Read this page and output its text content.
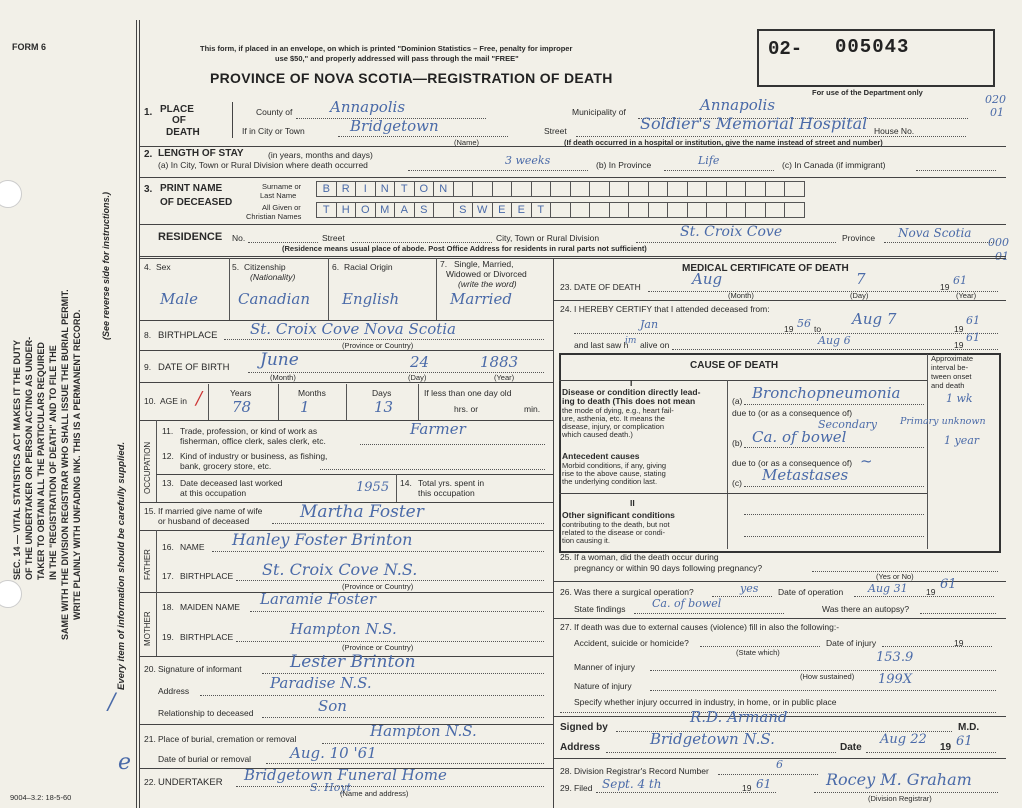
FORM 6	This form, if placed in an envelope, on which is printed "Dominion Statistics – Free, penalty for improper
use $50," and properly addressed will pass through the mail "FREE"
PROVINCE OF NOVA SCOTIA—REGISTRATION OF DEATH
02- 005043
For use of the Department only
020
01
000
01
SEC. 14 — VITAL STATISTICS ACT MAKES IT THE DUTY OF THE UNDERTAKER OR PERSON ACTING AS UNDER- TAKER TO OBTAIN ALL THE PARTICULARS REQUIRED IN THE "REGISTRATION OF DEATH" AND TO FILE THE SAME WITH THE DIVISION REGISTRAR WHO SHALL ISSUE THE BURIAL PERMIT. WRITE PLAINLY WITH UNFADING INK. THIS IS A PERMANENT RECORD.
(See reverse side for instructions.)
Every item of information should be carefully supplied.
/
e
1. PLACE
OF
DEATH
County of	Annapolis	Municipality of	Annapolis
If in City or Town	Bridgetown	Street	Soldier's Memorial Hospital House No.
(Name)	(If death occurred in a hospital or institution, give the name instead of street and number)
2. LENGTH OF STAY	(in years, months and days)
(a) In City, Town or Rural Division where death occurred	3 weeks	(b) In Province	Life	(c) In Canada (if immigrant)
3. PRINT NAME
OF DECEASED
Surname or
Last Name
All Given or
Christian Names
B	R	I	N	T	O	N
T	H	O M	A	S	S W E	E	T
RESIDENCE No.	Street	City, Town or Rural Division	St. Croix Cove	Province Nova Scotia
(Residence means usual place of abode. Post Office Address for residents in rural parts not sufficient)
4. Sex
Male
5. Citizenship
(Nationality)
Canadian
6. Racial Origin
English
7. Single, Married,
Widowed or Divorced
(write the word)
Married
8. BIRTHPLACE St. Croix Cove Nova Scotia
(Province or Country)
9. DATE OF BIRTH June	24	1883
(Month)	(Day)	(Year)
10. AGE in /	Years	Months	Days
78	1	13
If less than one day old
hrs. or	min.
OCCUPATION
11. Trade, profession, or kind of work as
fisherman, office clerk, sales clerk, etc.
Farmer
12. Kind of industry or business, as fishing,
bank, grocery store, etc.
13. Date deceased last worked
at this occupation	1955 14. Total yrs. spent in
this occupation
15. If married give name of wife
or husband of deceased	Martha Foster
FATHER
16. NAME Hanley Foster Brinton
17. BIRTHPLACE St. Croix Cove N.S.
(Province or Country)
MOTHER
18. MAIDEN NAME Laramie Foster
19. BIRTHPLACE	Hampton N.S.
(Province or Country)
20. Signature of informant	Lester Brinton
Address	Paradise N.S.
Relationship to deceased	Son
21. Place of burial, cremation or removal	Hampton N.S.
Date of burial or removal	Aug. 10 '61
22. UNDERTAKER Bridgetown Funeral Home
S. Hoyt
(Name and address)
9004–3.2: 18-5-60
MEDICAL CERTIFICATE OF DEATH
23. DATE OF DEATH	Aug	7	19 61
(Month)	(Day)	(Year)
24. I HEREBY CERTIFY that I attended deceased from:
Jan	19 56 to
Aug 7
19
61
and last saw h
im alive on	Aug 6	19
61
CAUSE OF DEATH
Approximate
interval be-
tween onset
and death
I
Disease or condition directly lead-
ing to death (This does not mean
the mode of dying, e.g., heart fail-
ure, asthenia, etc. It means the
disease, injury, or complication
which caused death.)
(a) Bronchopneumonia	1 wk
due to (or as a consequence of)
Secondary Primary unknown
(b) Ca. of bowel	1 year
Antecedent causes
Morbid conditions, if any, giving
rise to the above cause, stating
the underlying condition last.
due to (or as a consequence of) ~
(c) Metastases
II
Other significant conditions
contributing to the death, but not
related to the disease or condi-
tion causing it.
25. If a woman, did the death occur during
pregnancy or within 90 days following pregnancy?
(Yes or No)
26. Was there a surgical operation?	yes Date of operation Aug 31 19 61
State findings Ca. of bowel	Was there an autopsy?
27. If death was due to external causes (violence) fill in also the following:-
Accident, suicide or homicide?	Date of injury	19
(State which)
Manner of injury
153.9
(How sustained)
Nature of injury	199X
Specify whether injury occurred in industry, in home, or in public place
Signed by
R.D. Armand
M.D.
Address	Bridgetown N.S.	Date
Aug 22
19 61
28. Division Registrar's Record Number	6
29. Filed Sept. 4 th	19 61	Rocey M. Graham
(Division Registrar)
